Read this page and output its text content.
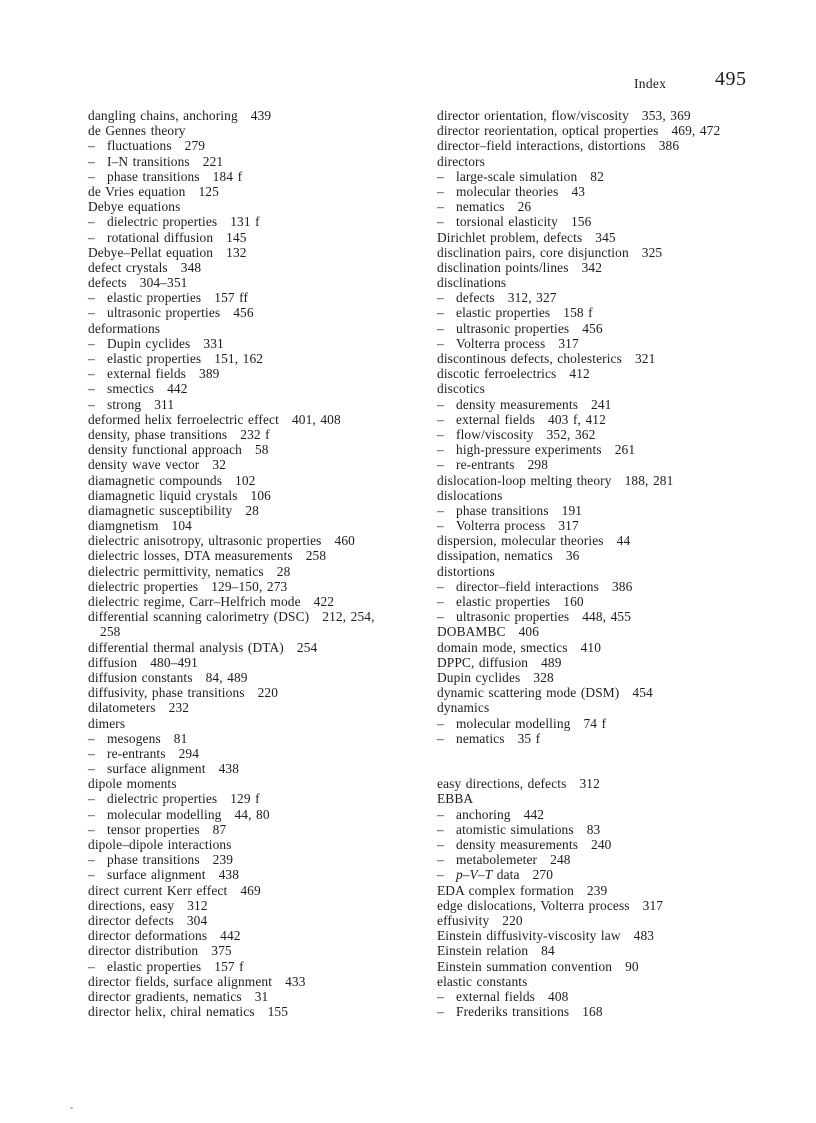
Index 495
dangling chains, anchoring 439
de Gennes theory
– fluctuations 279
– I–N transitions 221
– phase transitions 184 f
de Vries equation 125
Debye equations
– dielectric properties 131 f
– rotational diffusion 145
Debye–Pellat equation 132
defect crystals 348
defects 304–351
– elastic properties 157 ff
– ultrasonic properties 456
deformations
– Dupin cyclides 331
– elastic properties 151, 162
– external fields 389
– smectics 442
– strong 311
deformed helix ferroelectric effect 401, 408
density, phase transitions 232 f
density functional approach 58
density wave vector 32
diamagnetic compounds 102
diamagnetic liquid crystals 106
diamagnetic susceptibility 28
diamgnetism 104
dielectric anisotropy, ultrasonic properties 460
dielectric losses, DTA measurements 258
dielectric permittivity, nematics 28
dielectric properties 129–150, 273
dielectric regime, Carr–Helfrich mode 422
differential scanning calorimetry (DSC) 212, 254,
258
differential thermal analysis (DTA) 254
diffusion 480–491
diffusion constants 84, 489
diffusivity, phase transitions 220
dilatometers 232
dimers
– mesogens 81
– re-entrants 294
– surface alignment 438
dipole moments
– dielectric properties 129 f
– molecular modelling 44, 80
– tensor properties 87
dipole–dipole interactions
– phase transitions 239
– surface alignment 438
direct current Kerr effect 469
directions, easy 312
director defects 304
director deformations 442
director distribution 375
– elastic properties 157 f
director fields, surface alignment 433
director gradients, nematics 31
director helix, chiral nematics 155
director orientation, flow/viscosity 353, 369
director reorientation, optical properties 469, 472
director–field interactions, distortions 386
directors
– large-scale simulation 82
– molecular theories 43
– nematics 26
– torsional elasticity 156
Dirichlet problem, defects 345
disclination pairs, core disjunction 325
disclination points/lines 342
disclinations
– defects 312, 327
– elastic properties 158 f
– ultrasonic properties 456
– Volterra process 317
discontinous defects, cholesterics 321
discotic ferroelectrics 412
discotics
– density measurements 241
– external fields 403 f, 412
– flow/viscosity 352, 362
– high-pressure experiments 261
– re-entrants 298
dislocation-loop melting theory 188, 281
dislocations
– phase transitions 191
– Volterra process 317
dispersion, molecular theories 44
dissipation, nematics 36
distortions
– director–field interactions 386
– elastic properties 160
– ultrasonic properties 448, 455
DOBAMBC 406
domain mode, smectics 410
DPPC, diffusion 489
Dupin cyclides 328
dynamic scattering mode (DSM) 454
dynamics
– molecular modelling 74 f
– nematics 35 f
easy directions, defects 312
EBBA
– anchoring 442
– atomistic simulations 83
– density measurements 240
– metabolemeter 248
– p–V–T data 270
EDA complex formation 239
edge dislocations, Volterra process 317
effusivity 220
Einstein diffusivity-viscosity law 483
Einstein relation 84
Einstein summation convention 90
elastic constants
– external fields 408
– Frederiks transitions 168
